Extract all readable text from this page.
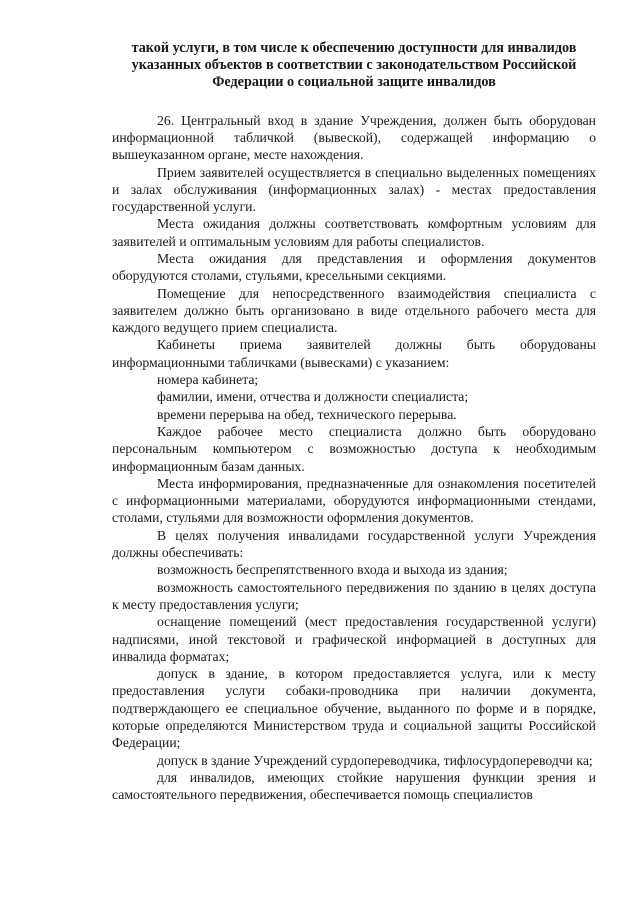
такой услуги, в том числе к обеспечению доступности для инвалидов
указанных объектов в соответствии с законодательством Российской
Федерации о социальной защите инвалидов

26. Центральный вход в здание Учреждения, должен быть оборудован информационной табличкой (вывеской), содержащей информацию о вышеуказанном органе, месте нахождения.

Прием заявителей осуществляется в специально выделенных помещениях и залах обслуживания (информационных залах) - местах предоставления государственной услуги.

Места ожидания должны соответствовать комфортным условиям для заявителей и оптимальным условиям для работы специалистов.

Места ожидания для представления и оформления документов оборудуются столами, стульями, кресельными секциями.

Помещение для непосредственного взаимодействия специалиста с заявителем должно быть организовано в виде отдельного рабочего места для каждого ведущего прием специалиста.

Кабинеты приема заявителей должны быть оборудованы информационными табличками (вывесками) с указанием:

номера кабинета;

фамилии, имени, отчества и должности специалиста;

времени перерыва на обед, технического перерыва.

Каждое рабочее место специалиста должно быть оборудовано персональным компьютером с возможностью доступа к необходимым информационным базам данных.

Места информирования, предназначенные для ознакомления посетителей с информационными материалами, оборудуются информационными стендами, столами, стульями для возможности оформления документов.

В целях получения инвалидами государственной услуги Учреждения должны обеспечивать:

возможность беспрепятственного входа и выхода из здания;

возможность самостоятельного передвижения по зданию в целях доступа к месту предоставления услуги;

оснащение помещений (мест предоставления государственной услуги) надписями, иной текстовой и графической информацией в доступных для инвалида форматах;

допуск в здание, в котором предоставляется услуга, или к месту предоставления услуги собаки-проводника при наличии документа, подтверждающего ее специальное обучение, выданного по форме и в порядке, которые определяются Министерством труда и социальной защиты Российской Федерации;

допуск в здание Учреждений сурдопереводчика, тифлосурдопереводчи ка;

для инвалидов, имеющих стойкие нарушения функции зрения и самостоятельного передвижения, обеспечивается помощь специалистов
